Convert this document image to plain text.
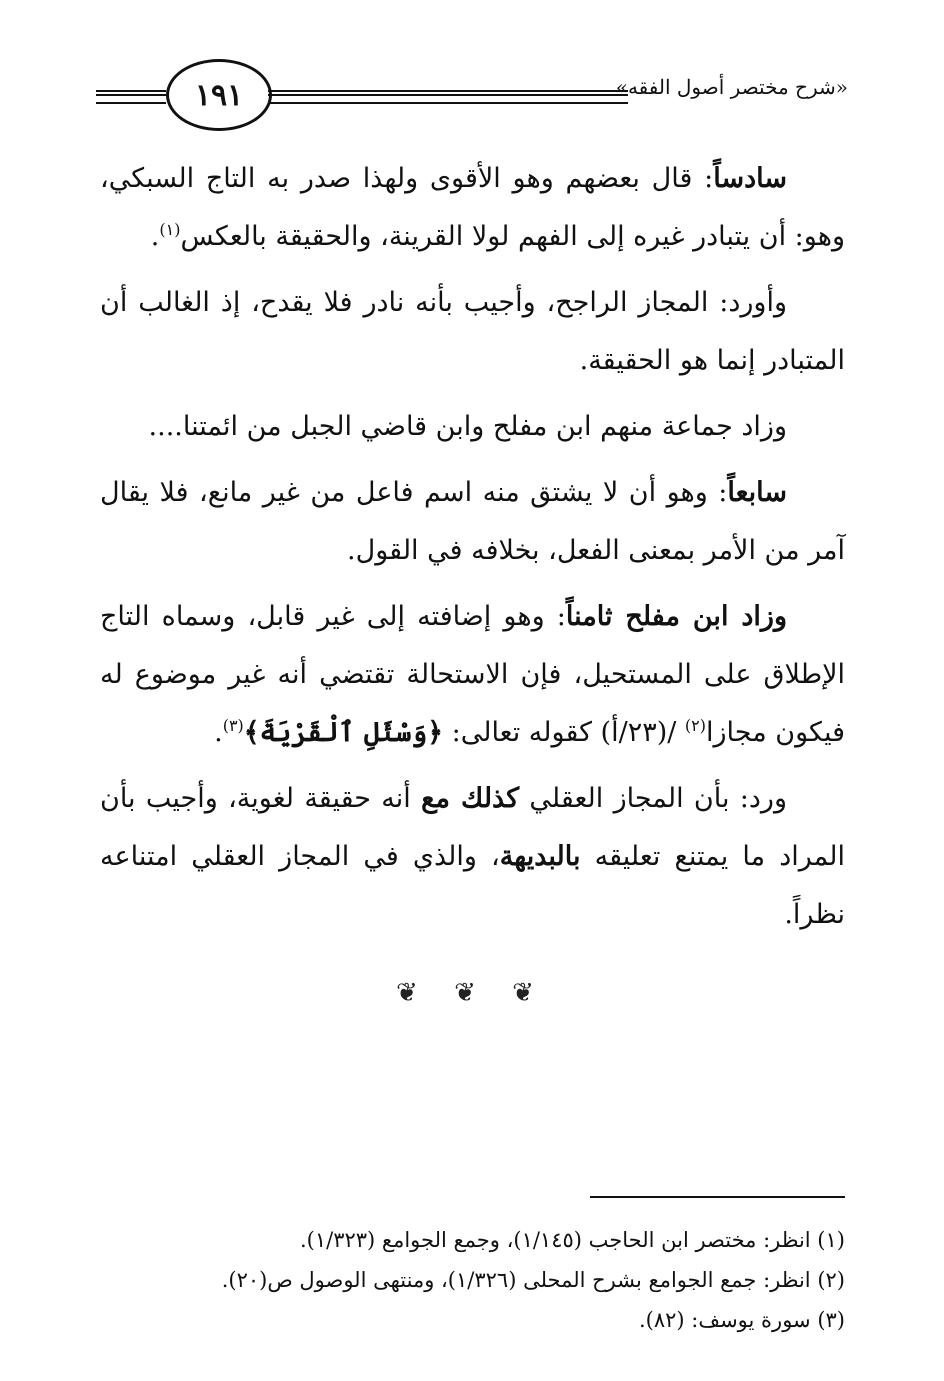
١٩١	«شرح مختصر أصول الفقه»

سادساً: قال بعضهم وهو الأقوى ولهذا صدر به التاج السبكي، وهو: أن يتبادر غيره إلى الفهم لولا القرينة، والحقيقة بالعكس$^{(١)}$.

وأورد: المجاز الراجح، وأجيب بأنه نادر فلا يقدح، إذ الغالب أن المتبادر إنما هو الحقيقة.

وزاد جماعة منهم ابن مفلح وابن قاضي الجبل من ائمتنا....

سابعاً: وهو أن لا يشتق منه اسم فاعل من غير مانع، فلا يقال آمر من الأمر بمعنى الفعل، بخلافه في القول.

وزاد ابن مفلح ثامناً: وهو إضافته إلى غير قابل، وسماه التاج الإطلاق على المستحيل، فإن الاستحالة تقتضي أنه غير موضوع له فيكون مجازا$^{(٢)}$ /(٢٣/أ) كقوله تعالى: ﴿وَسْئَلِ ٱلْقَرْيَةَ﴾$^{(٣)}$.

ورد: بأن المجاز العقلي كذلك مع أنه حقيقة لغوية، وأجيب بأن المراد ما يمتنع تعليقه بالبديهة، والذي في المجاز العقلي امتناعه نظراً.

❦ ❦ ❦

(١) انظر: مختصر ابن الحاجب (١/١٤٥)، وجمع الجوامع (١/٣٢٣).

(٢) انظر: جمع الجوامع بشرح المحلى (١/٣٢٦)، ومنتهى الوصول ص(٢٠).

(٣) سورة يوسف: (٨٢).
